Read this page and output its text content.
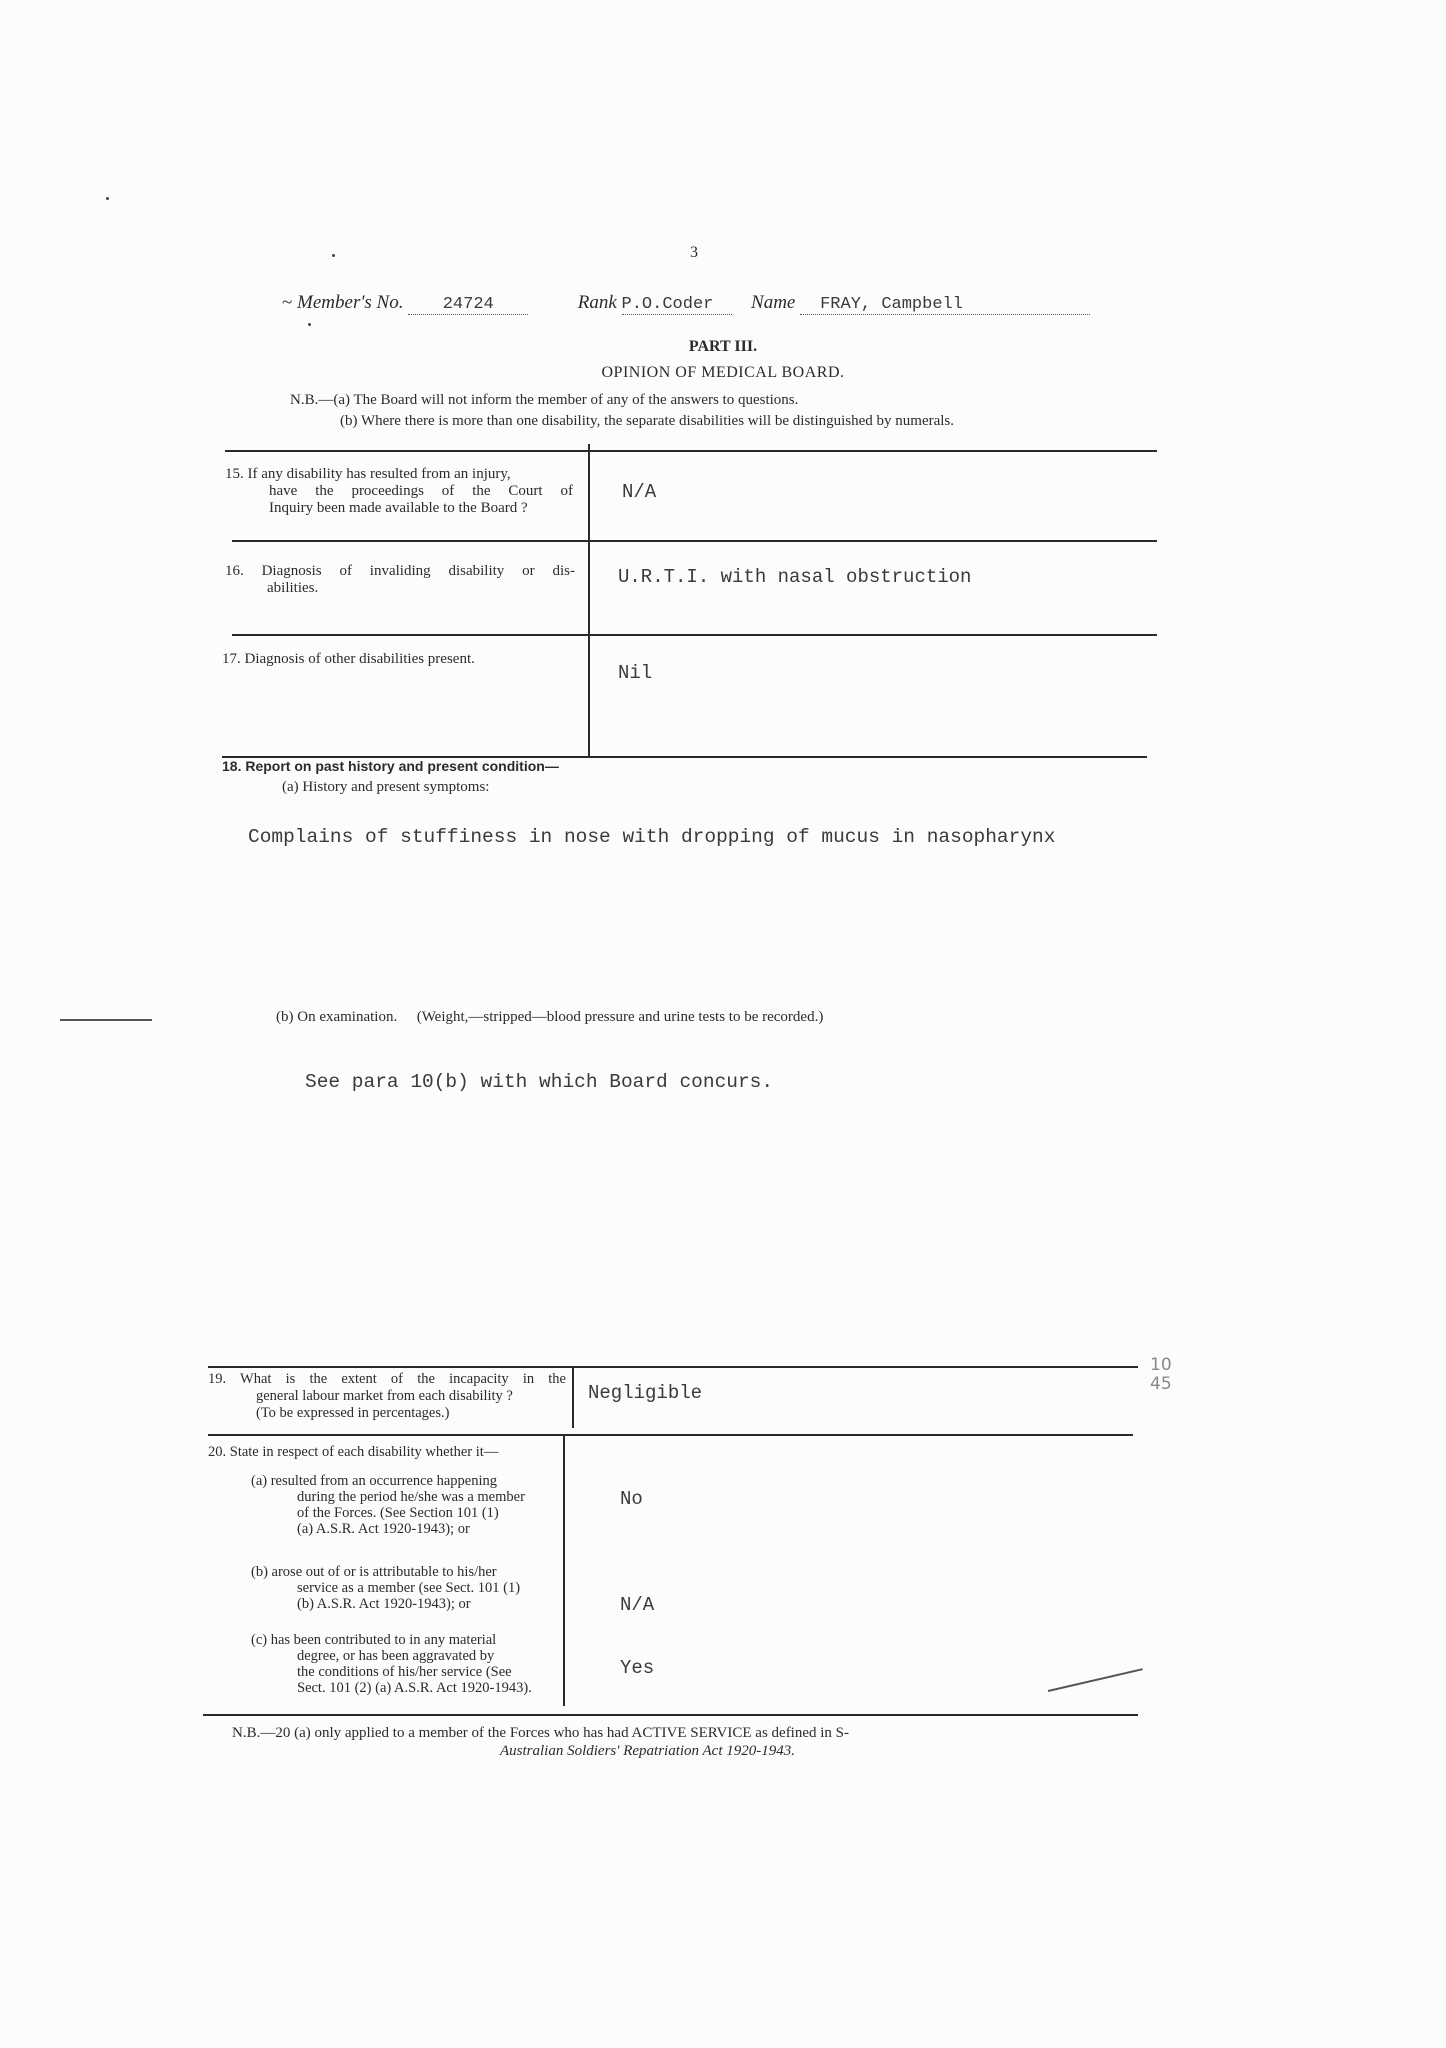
3
~ Member's No. 24724	Rank P.O.Coder Name FRAY, Campbell
PART III.
OPINION OF MEDICAL BOARD.
N.B.—(a) The Board will not inform the member of any of the answers to questions.
(b) Where there is more than one disability, the separate disabilities will be distinguished by numerals.
15. If any disability has resulted from an injury,
have the proceedings of the Court of
Inquiry been made available to the Board ?
N/A
16. Diagnosis of invaliding disability or dis-
abilities.	U.R.T.I. with nasal obstruction
17. Diagnosis of other disabilities present.
Nil
18. Report on past history and present condition—
(a) History and present symptoms:
Complains of stuffiness in nose with dropping of mucus in nasopharynx
(b) On examination. (Weight,—stripped—blood pressure and urine tests to be recorded.)
See para 10(b) with which Board concurs.
10
45
19. What is the extent of the incapacity in the
general labour market from each disability ?
(To be expressed in percentages.)
Negligible
20. State in respect of each disability whether it—
(a) resulted from an occurrence happening
during the period he/she was a member
of the Forces. (See Section 101 (1)
(a) A.S.R. Act 1920-1943); or
No
(b) arose out of or is attributable to his/her
service as a member (see Sect. 101 (1)
(b) A.S.R. Act 1920-1943); or	N/A
(c) has been contributed to in any material
degree, or has been aggravated by
the conditions of his/her service (See
Sect. 101 (2) (a) A.S.R. Act 1920-1943).
Yes
N.B.—20 (a) only applied to a member of the Forces who has had ACTIVE SERVICE as defined in S-
Australian Soldiers' Repatriation Act 1920-1943.
